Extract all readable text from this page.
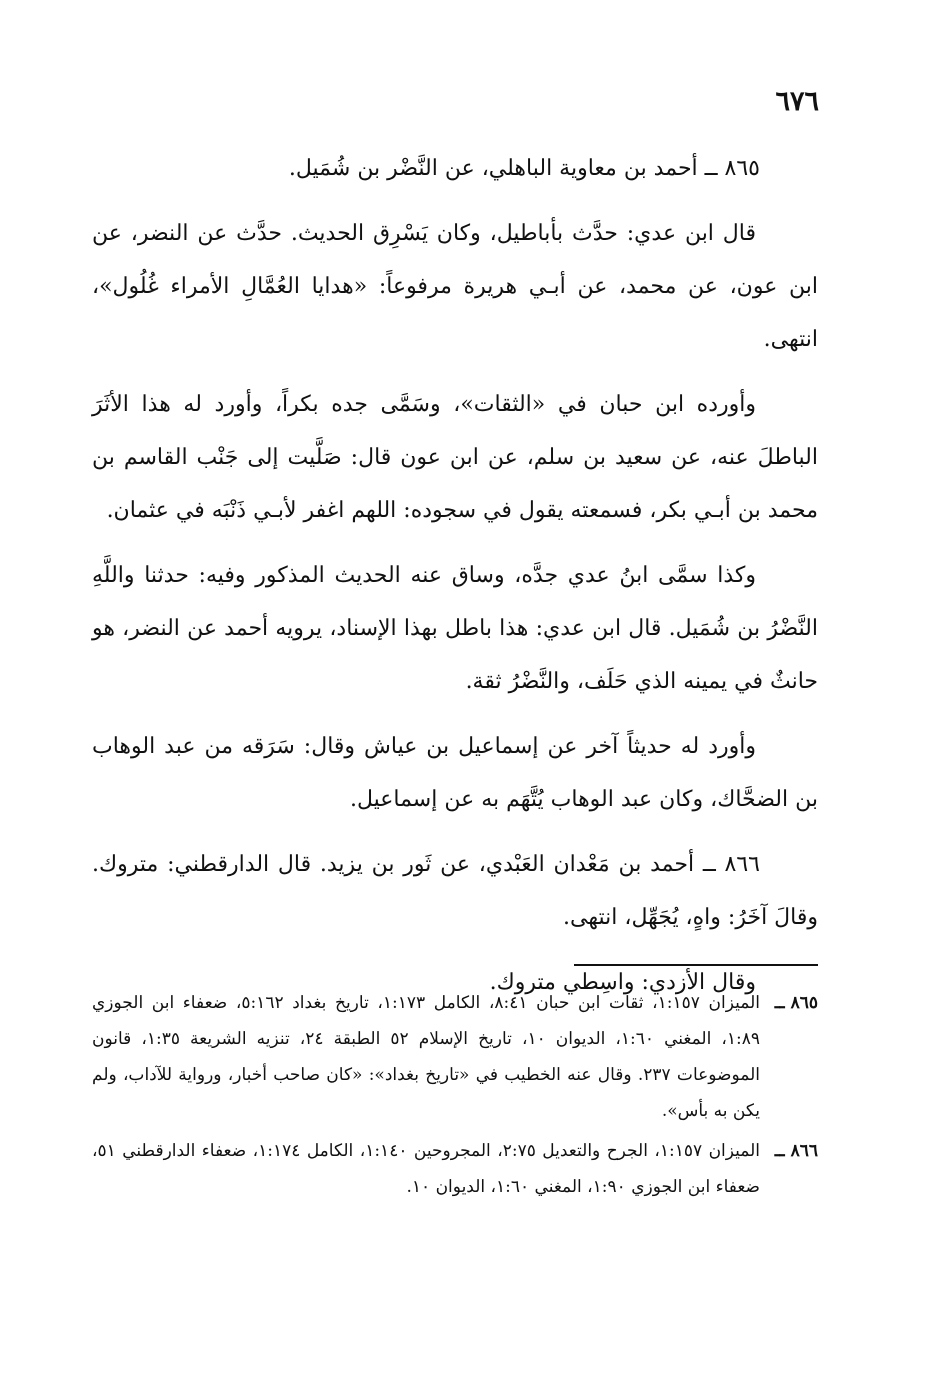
٦٧٦

٨٦٥ ــ أحمد بن معاوية الباهلي، عن النَّضْر بن شُمَيل.

قال ابن عدي: حدَّث بأباطيل، وكان يَسْرِق الحديث. حدَّث عن النضر، عن ابن عون، عن محمد، عن أبـي هريرة مرفوعاً: «هدايا العُمَّالِ الأمراء غُلُول»، انتهى.

وأورده ابن حبان في «الثقات»، وسَمَّى جده بكراً، وأورد له هذا الأثَرَ الباطلَ عنه، عن سعيد بن سلم، عن ابن عون قال: صَلَّيت إلى جَنْب القاسم بن محمد بن أبـي بكر، فسمعته يقول في سجوده: اللهم اغفر لأبـي ذَنْبَه في عثمان.

وكذا سمَّى ابنُ عدي جدَّه، وساق عنه الحديث المذكور وفيه: حدثنا واللَّهِ النَّضْرُ بن شُمَيل. قال ابن عدي: هذا باطل بهذا الإسناد، يرويه أحمد عن النضر، هو حانثٌ في يمينه الذي حَلَف، والنَّضْرُ ثقة.

وأورد له حديثاً آخر عن إسماعيل بن عياش وقال: سَرَقه من عبد الوهاب بن الضحَّاك، وكان عبد الوهاب يُتَّهَم به عن إسماعيل.

٨٦٦ ــ أحمد بن مَعْدان العَبْدي، عن ثَور بن يزيد. قال الدارقطني: متروك. وقالَ آخَرُ: واهٍ، يُجَهِّل، انتهى.

وقال الأزدي: واسِطي متروك.

٨٦٥ ــ
الميزان ١:١٥٧، ثقات ابن حبان ٨:٤١، الكامل ١:١٧٣، تاريخ بغداد ٥:١٦٢، ضعفاء ابن الجوزي ١:٨٩، المغني ١:٦٠، الديوان ١٠، تاريخ الإسلام ٥٢ الطبقة ٢٤، تنزيه الشريعة ١:٣٥، قانون الموضوعات ٢٣٧. وقال عنه الخطيب في «تاريخ بغداد»: «كان صاحب أخبار، ورواية للآداب، ولم يكن به بأس».

٨٦٦ ــ
الميزان ١:١٥٧، الجرح والتعديل ٢:٧٥، المجروحين ١:١٤٠، الكامل ١:١٧٤، ضعفاء الدارقطني ٥١، ضعفاء ابن الجوزي ١:٩٠، المغني ١:٦٠، الديوان ١٠.
